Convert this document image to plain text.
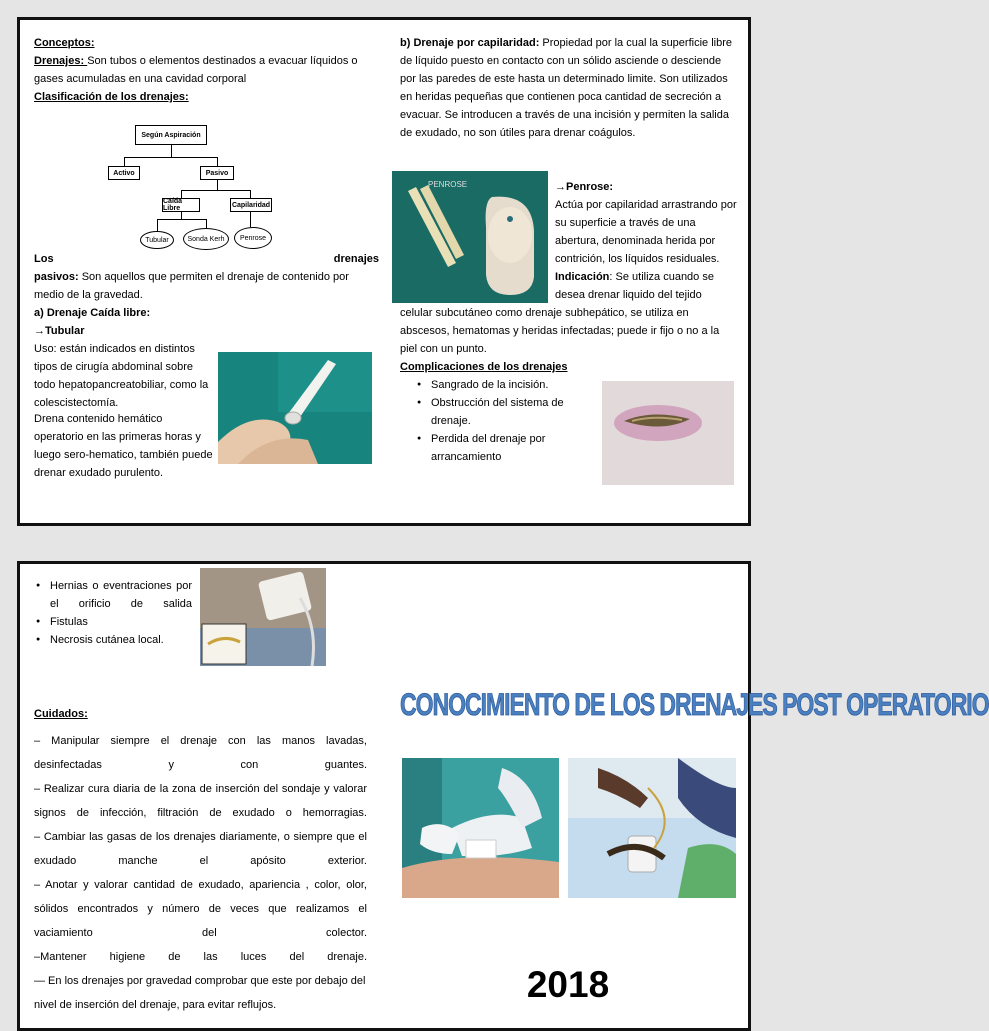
Conceptos:
Drenajes: Son tubos o elementos destinados a evacuar líquidos o gases acumuladas en una cavidad corporal
Clasificación de los drenajes:
Según Aspiración
Activo	Pasivo
Caída Libre	Capilaridad
Tubular	Sonda Kerh	Penrose
Los	drenajes
pasivos: Son aquellos que permiten el drenaje de contenido por medio de la gravedad.
a) Drenaje Caída libre:
→Tubular
Uso: están indicados en distintos tipos de cirugía abdominal sobre todo hepatopancreatobiliar, como la colescistectomía.
Drena contenido hemático operatorio en las primeras horas y luego sero-hematico, también puede drenar exudado purulento.
b) Drenaje por capilaridad: Propiedad por la cual la superficie libre de líquido puesto en contacto con un sólido asciende o desciende por las paredes de este hasta un determinado limite. Son utilizados en heridas pequeñas que contienen poca cantidad de secreción a evacuar. Se introducen a través de una incisión y permiten la salida de exudado, no son útiles para drenar coágulos.
PENROSE	→Penrose:
Actúa por capilaridad arrastrando por su superficie a través de una abertura, denominada herida por contrición, los líquidos residuales.
Indicación: Se utiliza cuando se desea drenar liquido del tejido
celular subcutáneo como drenaje subhepático, se utiliza en abscesos, hematomas y heridas infectadas; puede ir fijo o no a la piel con un punto.
Complicaciones de los drenajes
● Sangrado de la incisión.
● Obstrucción del sistema de drenaje.
● Perdida del drenaje por arrancamiento
● Hernias o eventraciones por el orificio de salida
● Fistulas
● Necrosis cutánea local.
Cuidados:
– Manipular siempre el drenaje con las manos lavadas, desinfectadas y con guantes.
– Realizar cura diaria de la zona de inserción del sondaje y valorar signos de infección, filtración de exudado o hemorragias.
– Cambiar las gasas de los drenajes diariamente, o siempre que el exudado manche el apósito exterior.
– Anotar y valorar cantidad de exudado, apariencia , color, olor, sólidos encontrados y número de veces que realizamos el vaciamiento del colector.
–Mantener higiene de las luces del drenaje.
— En los drenajes por gravedad comprobar que este por debajo del nivel de inserción del drenaje, para evitar reflujos.
CONOCIMIENTO DE LOS DRENAJES POST OPERATORIO
2018
